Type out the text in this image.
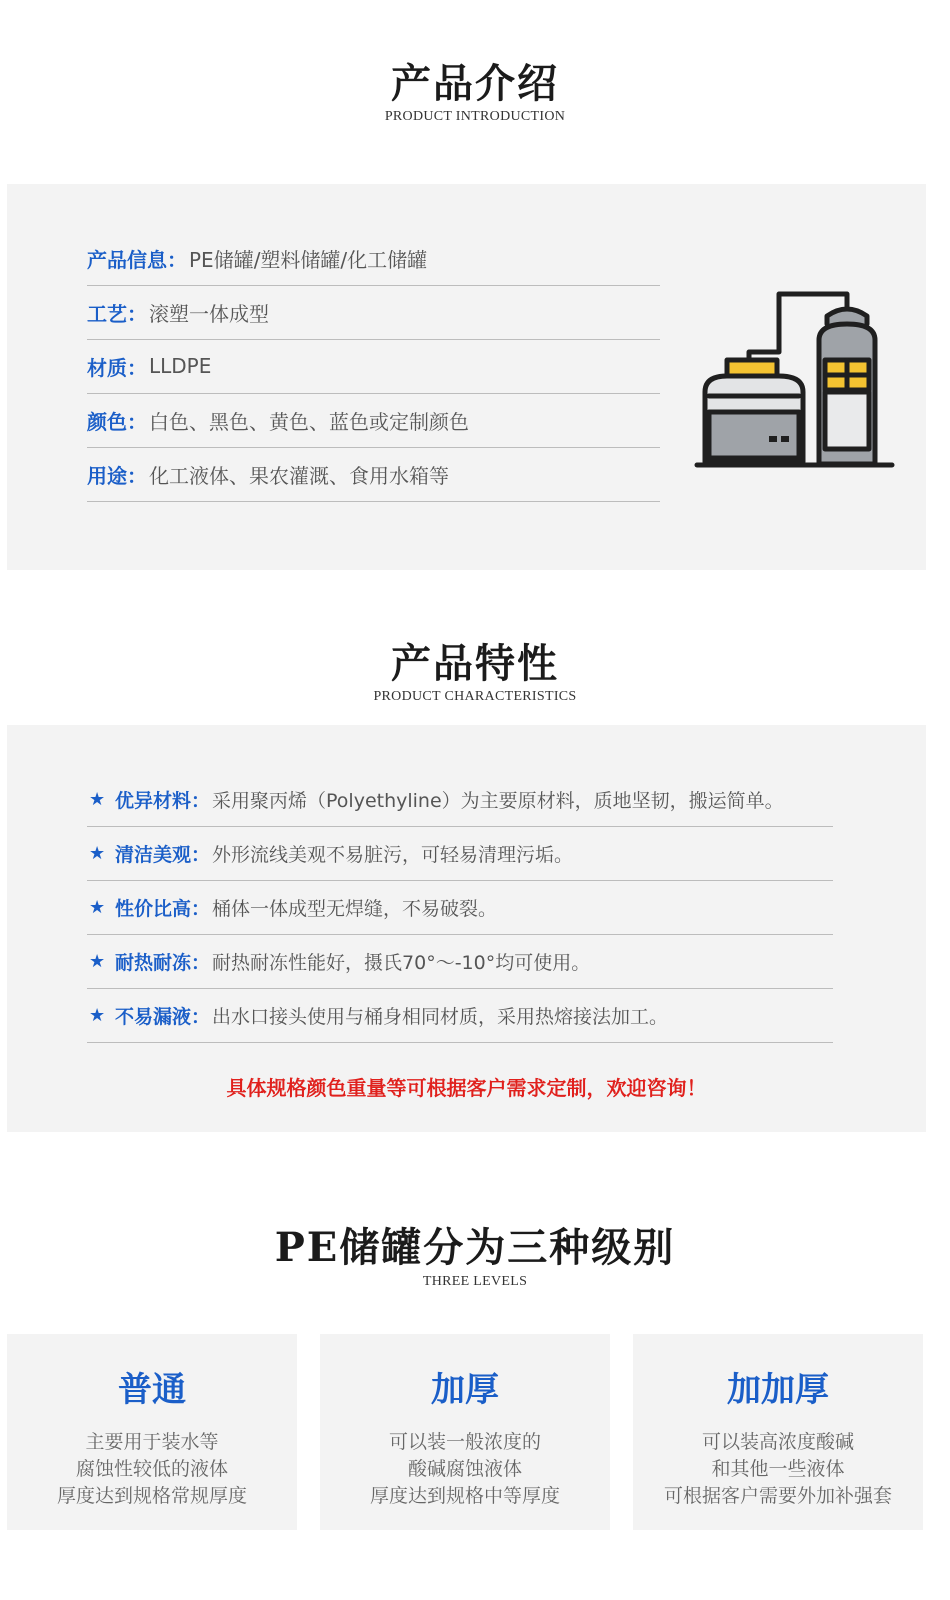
产品介绍
PRODUCT INTRODUCTION
产品信息： PE储罐/塑料储罐/化工储罐
工艺： 滚塑一体成型
材质： LLDPE
颜色： 白色、黑色、黄色、蓝色或定制颜色
用途： 化工液体、果农灌溉、食用水箱等
产品特性
PRODUCT CHARACTERISTICS
★ 优异材料： 采用聚丙烯（Polyethyline）为主要原材料，质地坚韧，搬运简单。
★ 清洁美观： 外形流线美观不易脏污，可轻易清理污垢。
★ 性价比高： 桶体一体成型无焊缝，不易破裂。
★ 耐热耐冻： 耐热耐冻性能好，摄氏70°～-10°均可使用。
★ 不易漏液： 出水口接头使用与桶身相同材质，采用热熔接法加工。
具体规格颜色重量等可根据客户需求定制，欢迎咨询！
PE储罐分为三种级别
THREE LEVELS
普通
主要用于装水等
腐蚀性较低的液体
厚度达到规格常规厚度
加厚
可以装一般浓度的
酸碱腐蚀液体
厚度达到规格中等厚度
加加厚
可以装高浓度酸碱
和其他一些液体
可根据客户需要外加补强套
